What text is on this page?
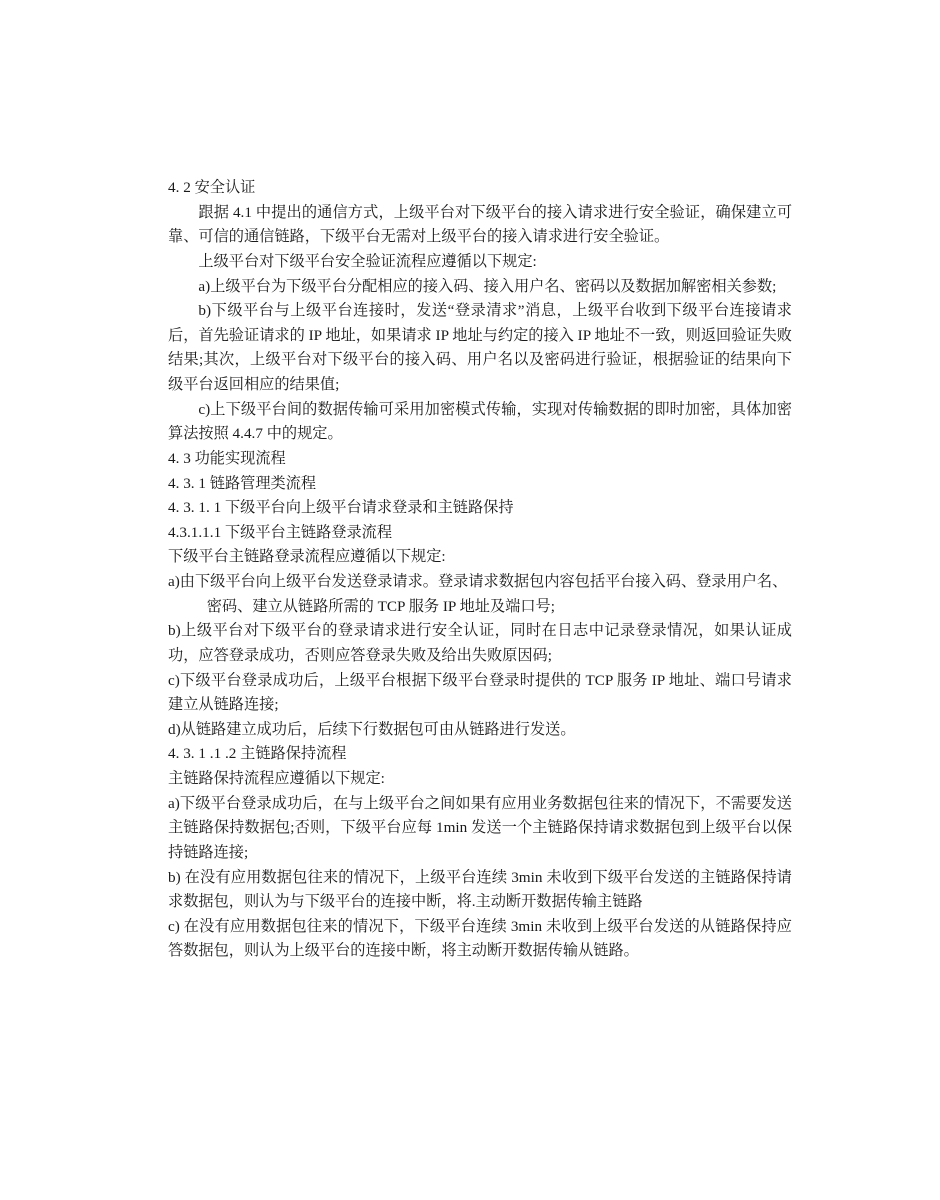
4. 2 安全认证

跟据 4.1 中提出的通信方式，上级平台对下级平台的接入请求进行安全验证，确保建立可靠、可信的通信链路，下级平台无需对上级平台的接入请求进行安全验证。

上级平台对下级平台安全验证流程应遵循以下规定:

a)上级平台为下级平台分配相应的接入码、接入用户名、密码以及数据加解密相关参数;

b)下级平台与上级平台连接时，发送“登录清求”消息，上级平台收到下级平台连接请求后，首先验证请求的 IP 地址，如果请求 IP 地址与约定的接入 IP 地址不一致，则返回验证失败结果;其次，上级平台对下级平台的接入码、用户名以及密码进行验证，根据验证的结果向下级平台返回相应的结果值;

c)上下级平台间的数据传输可采用加密模式传输，实现对传输数据的即时加密，具体加密算法按照 4.4.7 中的规定。

4. 3 功能实现流程

4. 3. 1 链路管理类流程

4. 3. 1. 1 下级平台向上级平台请求登录和主链路保持

4.3.1.1.1 下级平台主链路登录流程

下级平台主链路登录流程应遵循以下规定:

a)由下级平台向上级平台发送登录请求。登录请求数据包内容包括平台接入码、登录用户名、

密码、建立从链路所需的 TCP 服务 IP 地址及端口号;

b)上级平台对下级平台的登录请求进行安全认证，同时在日志中记录登录情况，如果认证成功，应答登录成功，否则应答登录失败及给出失败原因码;

c)下级平台登录成功后，上级平台根据下级平台登录时提供的 TCP 服务 IP 地址、端口号请求建立从链路连接;

d)从链路建立成功后，后续下行数据包可由从链路进行发送。

4. 3. 1 .1 .2 主链路保持流程

主链路保持流程应遵循以下规定:

a)下级平台登录成功后，在与上级平台之间如果有应用业务数据包往来的情况下，不需要发送主链路保持数据包;否则，下级平台应每 1min 发送一个主链路保持请求数据包到上级平台以保持链路连接;

b) 在没有应用数据包往来的情况下，上级平台连续 3min 未收到下级平台发送的主链路保持请求数据包，则认为与下级平台的连接中断，将.主动断开数据传输主链路

c) 在没有应用数据包往来的情况下，下级平台连续 3min 未收到上级平台发送的从链路保持应答数据包，则认为上级平台的连接中断，将主动断开数据传输从链路。
